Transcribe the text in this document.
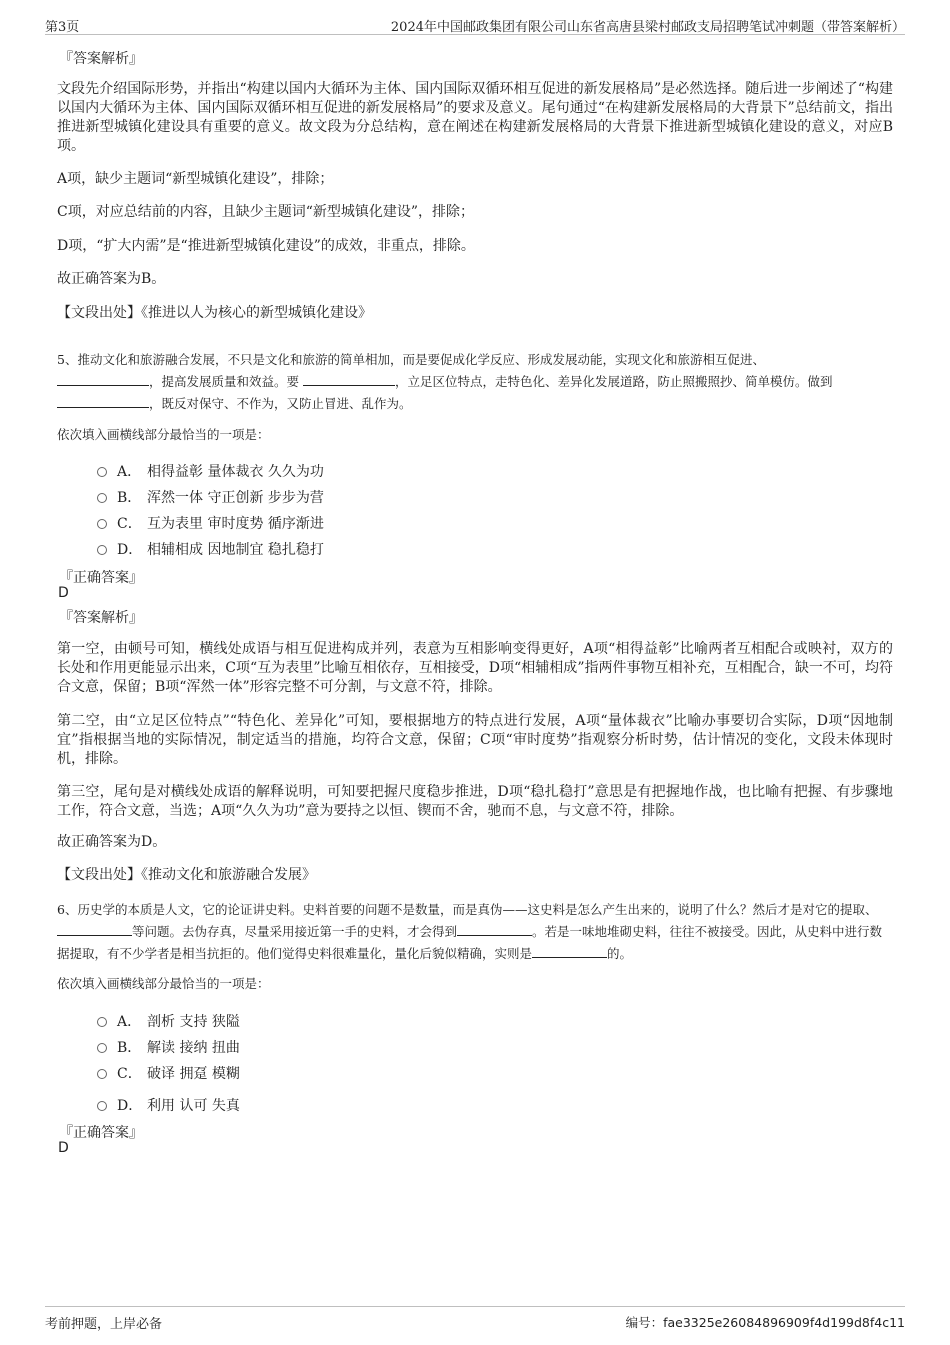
第3页	2024年中国邮政集团有限公司山东省高唐县梁村邮政支局招聘笔试冲刺题（带答案解析）
『答案解析』
文段先介绍国际形势，并指出“构建以国内大循环为主体、国内国际双循环相互促进的新发展格局”是必然选择。随后进一步阐述了“构建以国内大循环为主体、国内国际双循环相互促进的新发展格局”的要求及意义。尾句通过“在构建新发展格局的大背景下”总结前文，指出推进新型城镇化建设具有重要的意义。故文段为分总结构，意在阐述在构建新发展格局的大背景下推进新型城镇化建设的意义，对应B项。
A项，缺少主题词“新型城镇化建设”，排除；
C项，对应总结前的内容，且缺少主题词“新型城镇化建设”，排除；
D项，“扩大内需”是“推进新型城镇化建设”的成效，非重点，排除。
故正确答案为B。
【文段出处】《推进以人为核心的新型城镇化建设》
5、推动文化和旅游融合发展，不只是文化和旅游的简单相加，而是要促成化学反应、形成发展动能，实现文化和旅游相互促进、
，提高发展质量和效益。要	，立足区位特点，走特色化、差异化发展道路，防止照搬照抄、简单模仿。做到
，既反对保守、不作为，又防止冒进、乱作为。
依次填入画横线部分最恰当的一项是：
A． 相得益彰 量体裁衣 久久为功
B． 浑然一体 守正创新 步步为营
C． 互为表里 审时度势 循序渐进
D． 相辅相成 因地制宜 稳扎稳打
『正确答案』
D
『答案解析』
第一空，由顿号可知，横线处成语与相互促进构成并列，表意为互相影响变得更好，A项“相得益彰”比喻两者互相配合或映衬，双方的长处和作用更能显示出来，C项“互为表里”比喻互相依存，互相接受，D项“相辅相成”指两件事物互相补充，互相配合，缺一不可，均符合文意，保留；B项“浑然一体”形容完整不可分割，与文意不符，排除。
第二空，由“立足区位特点”“特色化、差异化”可知，要根据地方的特点进行发展，A项“量体裁衣”比喻办事要切合实际，D项“因地制宜”指根据当地的实际情况，制定适当的措施，均符合文意，保留；C项“审时度势”指观察分析时势，估计情况的变化，文段未体现时机，排除。
第三空，尾句是对横线处成语的解释说明，可知要把握尺度稳步推进，D项“稳扎稳打”意思是有把握地作战，也比喻有把握、有步骤地工作，符合文意，当选；A项“久久为功”意为要持之以恒、锲而不舍，驰而不息，与文意不符，排除。
故正确答案为D。
【文段出处】《推动文化和旅游融合发展》
6、历史学的本质是人文，它的论证讲史料。史料首要的问题不是数量，而是真伪——这史料是怎么产生出来的，说明了什么？然后才是对它的提取、等问题。去伪存真，尽量采用接近第一手的史料，才会得到	。若是一味地堆砌史料，往往不被接受。因此，从史料中进行数据提取，有不少学者是相当抗拒的。他们觉得史料很难量化，量化后貌似精确，实则是	的。
依次填入画横线部分最恰当的一项是：
A． 剖析 支持 狭隘
B． 解读 接纳 扭曲
C． 破译 拥趸 模糊
D． 利用 认可 失真
『正确答案』
D
考前押题，上岸必备	编号：fae3325e26084896909f4d199d8f4c11
